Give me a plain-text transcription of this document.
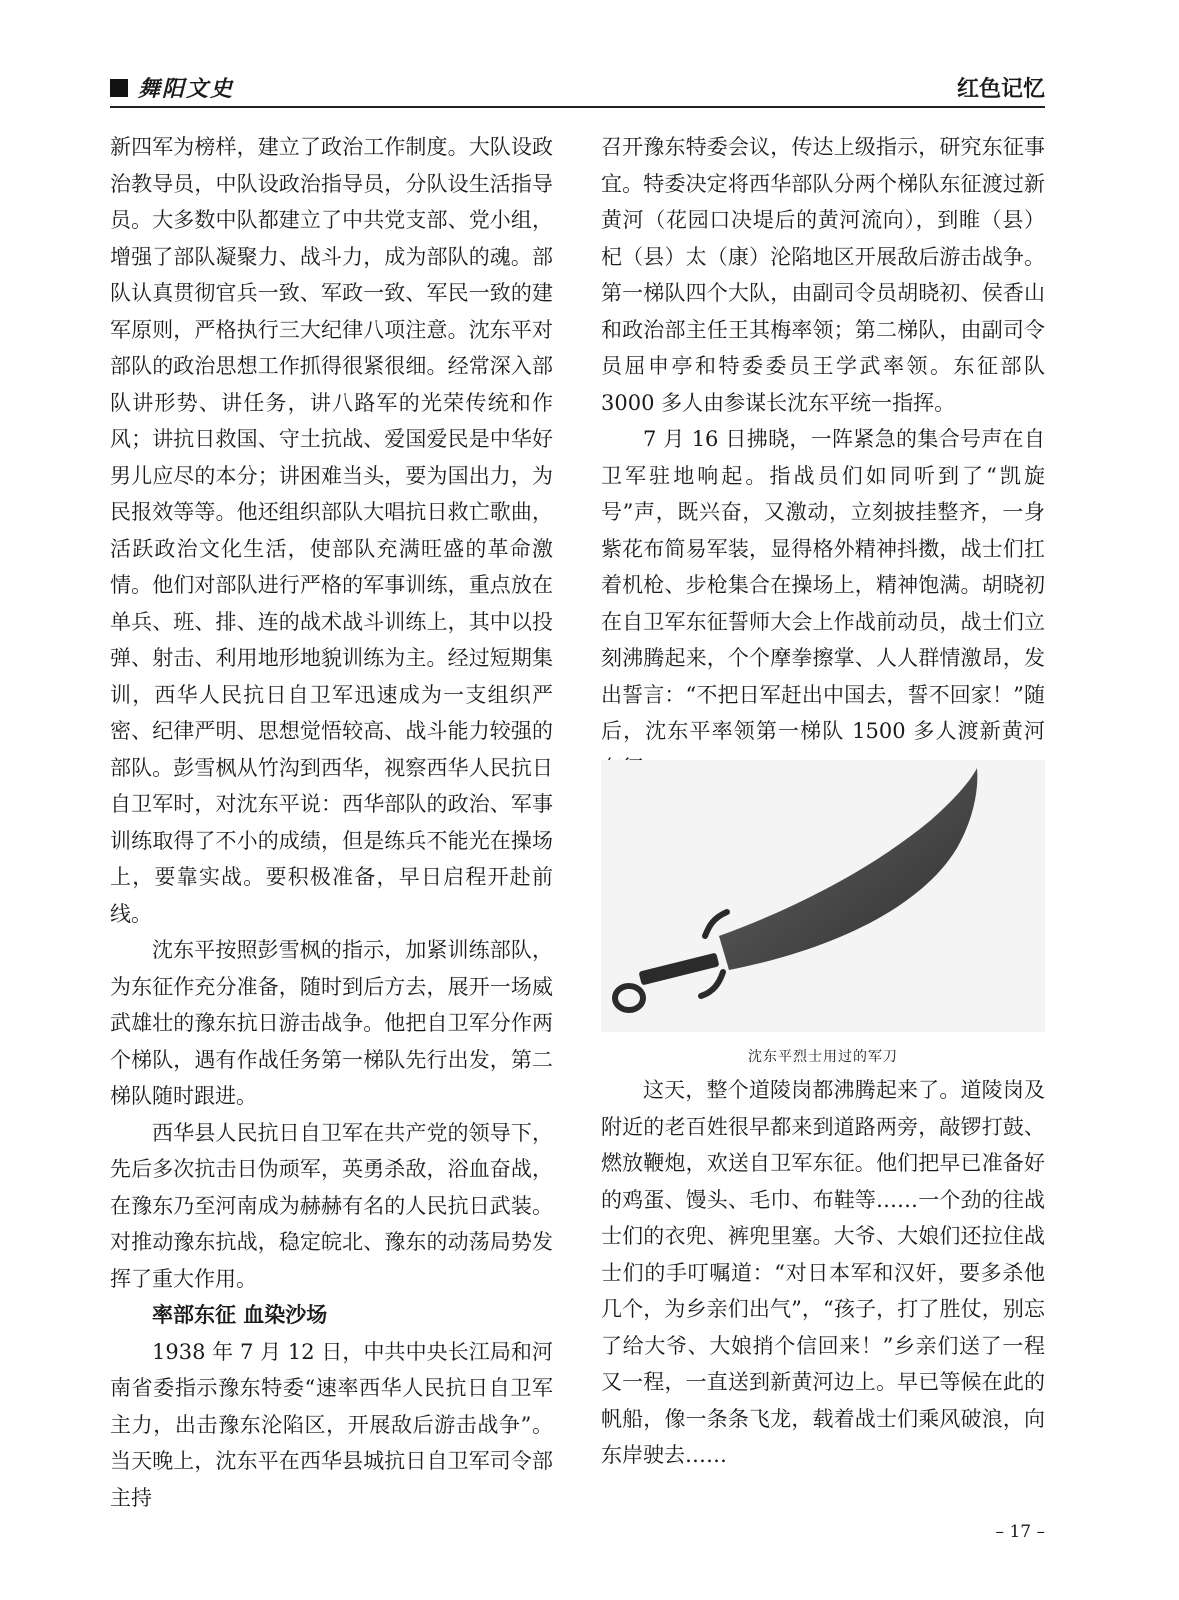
舞阳文史	红色记忆

新四军为榜样，建立了政治工作制度。大队设政治教导员，中队设政治指导员，分队设生活指导员。大多数中队都建立了中共党支部、党小组，增强了部队凝聚力、战斗力，成为部队的魂。部队认真贯彻官兵一致、军政一致、军民一致的建军原则，严格执行三大纪律八项注意。沈东平对部队的政治思想工作抓得很紧很细。经常深入部队讲形势、讲任务，讲八路军的光荣传统和作风；讲抗日救国、守土抗战、爱国爱民是中华好男儿应尽的本分；讲困难当头，要为国出力，为民报效等等。他还组织部队大唱抗日救亡歌曲，活跃政治文化生活，使部队充满旺盛的革命激情。他们对部队进行严格的军事训练，重点放在单兵、班、排、连的战术战斗训练上，其中以投弹、射击、利用地形地貌训练为主。经过短期集训，西华人民抗日自卫军迅速成为一支组织严密、纪律严明、思想觉悟较高、战斗能力较强的部队。彭雪枫从竹沟到西华，视察西华人民抗日自卫军时，对沈东平说：西华部队的政治、军事训练取得了不小的成绩，但是练兵不能光在操场上，要靠实战。要积极准备，早日启程开赴前线。

沈东平按照彭雪枫的指示，加紧训练部队，为东征作充分准备，随时到后方去，展开一场威武雄壮的豫东抗日游击战争。他把自卫军分作两个梯队，遇有作战任务第一梯队先行出发，第二梯队随时跟进。

西华县人民抗日自卫军在共产党的领导下，先后多次抗击日伪顽军，英勇杀敌，浴血奋战，在豫东乃至河南成为赫赫有名的人民抗日武装。对推动豫东抗战，稳定皖北、豫东的动荡局势发挥了重大作用。

率部东征 血染沙场

1938 年 7 月 12 日，中共中央长江局和河南省委指示豫东特委“速率西华人民抗日自卫军主力，出击豫东沦陷区，开展敌后游击战争”。当天晚上，沈东平在西华县城抗日自卫军司令部主持

召开豫东特委会议，传达上级指示，研究东征事宜。特委决定将西华部队分两个梯队东征渡过新黄河（花园口决堤后的黄河流向），到睢（县）杞（县）太（康）沦陷地区开展敌后游击战争。第一梯队四个大队，由副司令员胡晓初、侯香山和政治部主任王其梅率领；第二梯队，由副司令员屈申亭和特委委员王学武率领。东征部队 3000 多人由参谋长沈东平统一指挥。

7 月 16 日拂晓，一阵紧急的集合号声在自卫军驻地响起。指战员们如同听到了“凯旋号”声，既兴奋，又激动，立刻披挂整齐，一身紫花布简易军装，显得格外精神抖擞，战士们扛着机枪、步枪集合在操场上，精神饱满。胡晓初在自卫军东征誓师大会上作战前动员，战士们立刻沸腾起来，个个摩拳擦掌、人人群情激昂，发出誓言：“不把日军赶出中国去，誓不回家！”随后，沈东平率领第一梯队 1500 多人渡新黄河

沈东平烈士用过的军刀

这天，整个道陵岗都沸腾起来了。道陵岗及附近的老百姓很早都来到道路两旁，敲锣打鼓、燃放鞭炮，欢送自卫军东征。他们把早已准备好的鸡蛋、馒头、毛巾、布鞋等……一个劲的往战士们的衣兜、裤兜里塞。大爷、大娘们还拉住战士们的手叮嘱道：“对日本军和汉奸，要多杀他几个，为乡亲们出气”，“孩子，打了胜仗，别忘了给大爷、大娘捎个信回来！”乡亲们送了一程又一程，一直送到新黄河边上。早已等候在此的帆船，像一条条飞龙，载着战士们乘风破浪，向东岸驶去……

– 17 –
